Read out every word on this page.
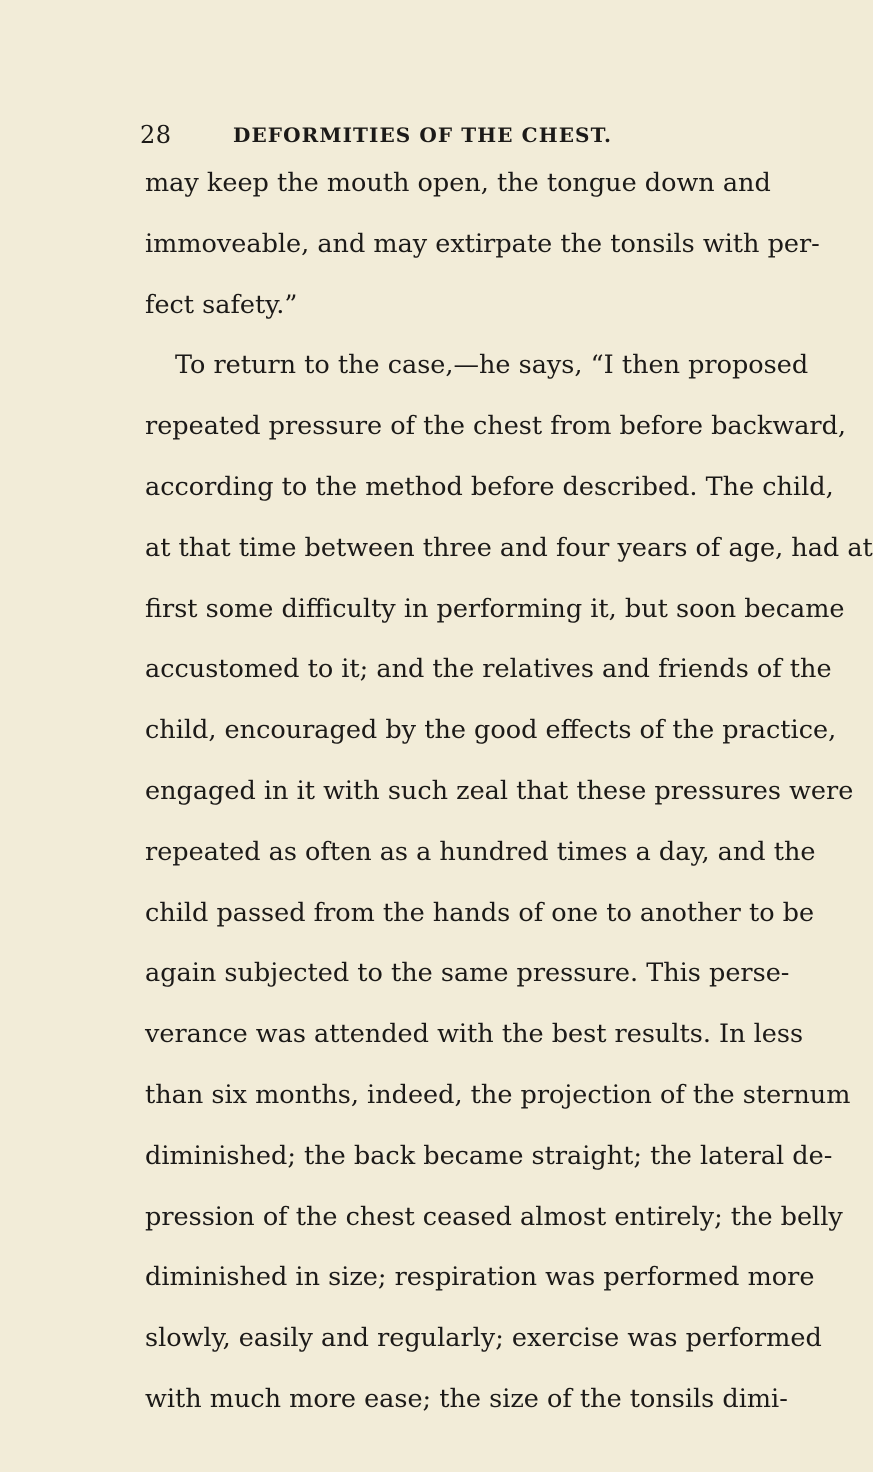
28	DEFORMITIES OF THE CHEST.
may keep the mouth open, the tongue down and
immoveable, and may extirpate the tonsils with per-
fect safety.”
To return to the case,—he says, “I then proposed
repeated pressure of the chest from before backward,
according to the method before described. The child,
at that time between three and four years of age, had at
first some difficulty in performing it, but soon became
accustomed to it; and the relatives and friends of the
child, encouraged by the good effects of the practice,
engaged in it with such zeal that these pressures were
repeated as often as a hundred times a day, and the
child passed from the hands of one to another to be
again subjected to the same pressure. This perse-
verance was attended with the best results. In less
than six months, indeed, the projection of the sternum
diminished; the back became straight; the lateral de-
pression of the chest ceased almost entirely; the belly
diminished in size; respiration was performed more
slowly, easily and regularly; exercise was performed
with much more ease; the size of the tonsils dimi-
